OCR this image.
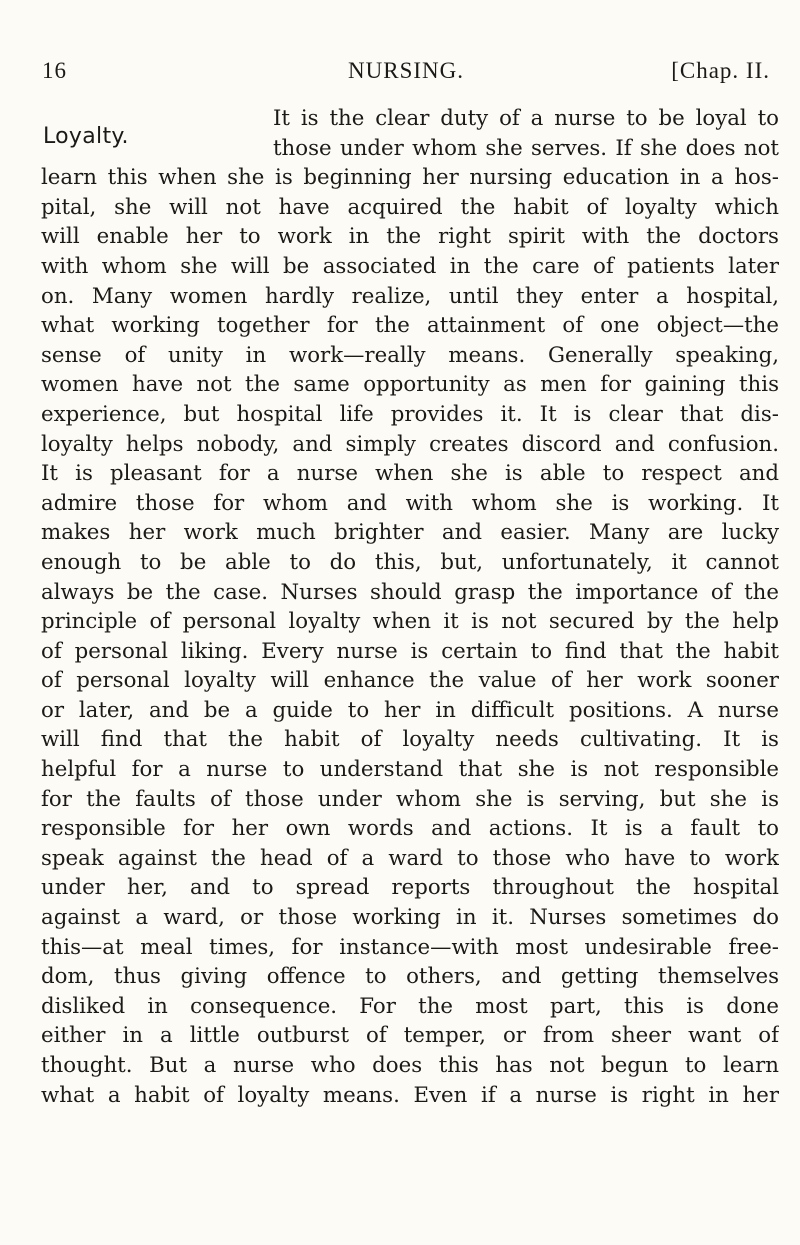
16	NURSING.	[Chap. II.
Loyalty.
It is the clear duty of a nurse to be loyal to
those under whom she serves. If she does not
learn this when she is beginning her nursing education in a hos-
pital, she will not have acquired the habit of loyalty which
will enable her to work in the right spirit with the doctors
with whom she will be associated in the care of patients later
on. Many women hardly realize, until they enter a hospital,
what working together for the attainment of one object—the
sense of unity in work—really means. Generally speaking,
women have not the same opportunity as men for gaining this
experience, but hospital life provides it. It is clear that dis-
loyalty helps nobody, and simply creates discord and confusion.
It is pleasant for a nurse when she is able to respect and
admire those for whom and with whom she is working. It
makes her work much brighter and easier. Many are lucky
enough to be able to do this, but, unfortunately, it cannot
always be the case. Nurses should grasp the importance of the
principle of personal loyalty when it is not secured by the help
of personal liking. Every nurse is certain to find that the habit
of personal loyalty will enhance the value of her work sooner
or later, and be a guide to her in difficult positions. A nurse
will find that the habit of loyalty needs cultivating. It is
helpful for a nurse to understand that she is not responsible
for the faults of those under whom she is serving, but she is
responsible for her own words and actions. It is a fault to
speak against the head of a ward to those who have to work
under her, and to spread reports throughout the hospital
against a ward, or those working in it. Nurses sometimes do
this—at meal times, for instance—with most undesirable free-
dom, thus giving offence to others, and getting themselves
disliked in consequence. For the most part, this is done
either in a little outburst of temper, or from sheer want of
thought. But a nurse who does this has not begun to learn
what a habit of loyalty means. Even if a nurse is right in her
